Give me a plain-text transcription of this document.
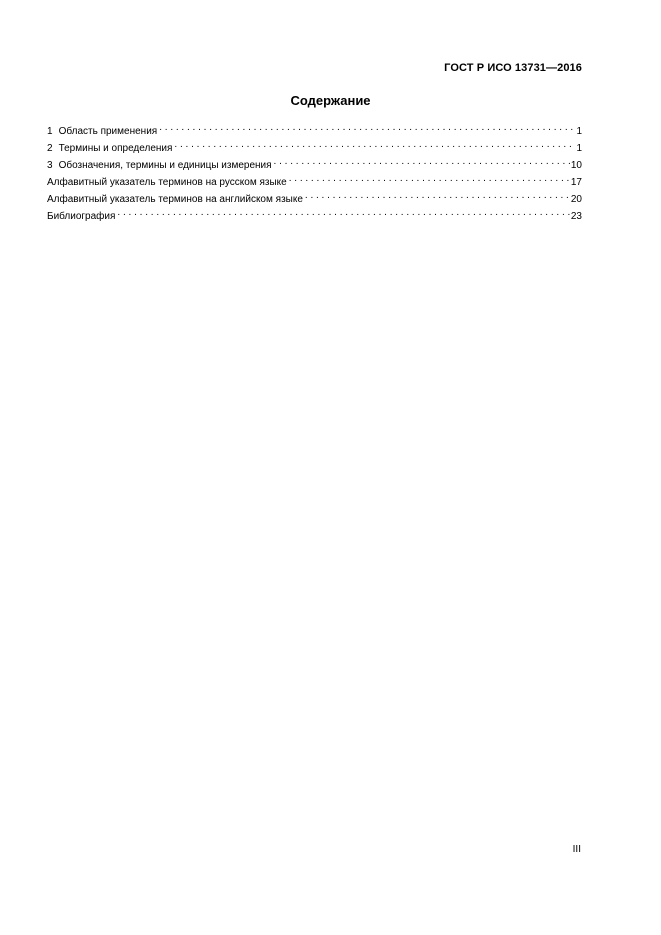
ГОСТ Р ИСО 13731—2016
Содержание
1 Область применения . . .	1
2 Термины и определения . . .	1
3 Обозначения, термины и единицы измерения . . .	10
Алфавитный указатель терминов на русском языке . . .	17
Алфавитный указатель терминов на английском языке . . .	20
Библиография . . .	23
III
